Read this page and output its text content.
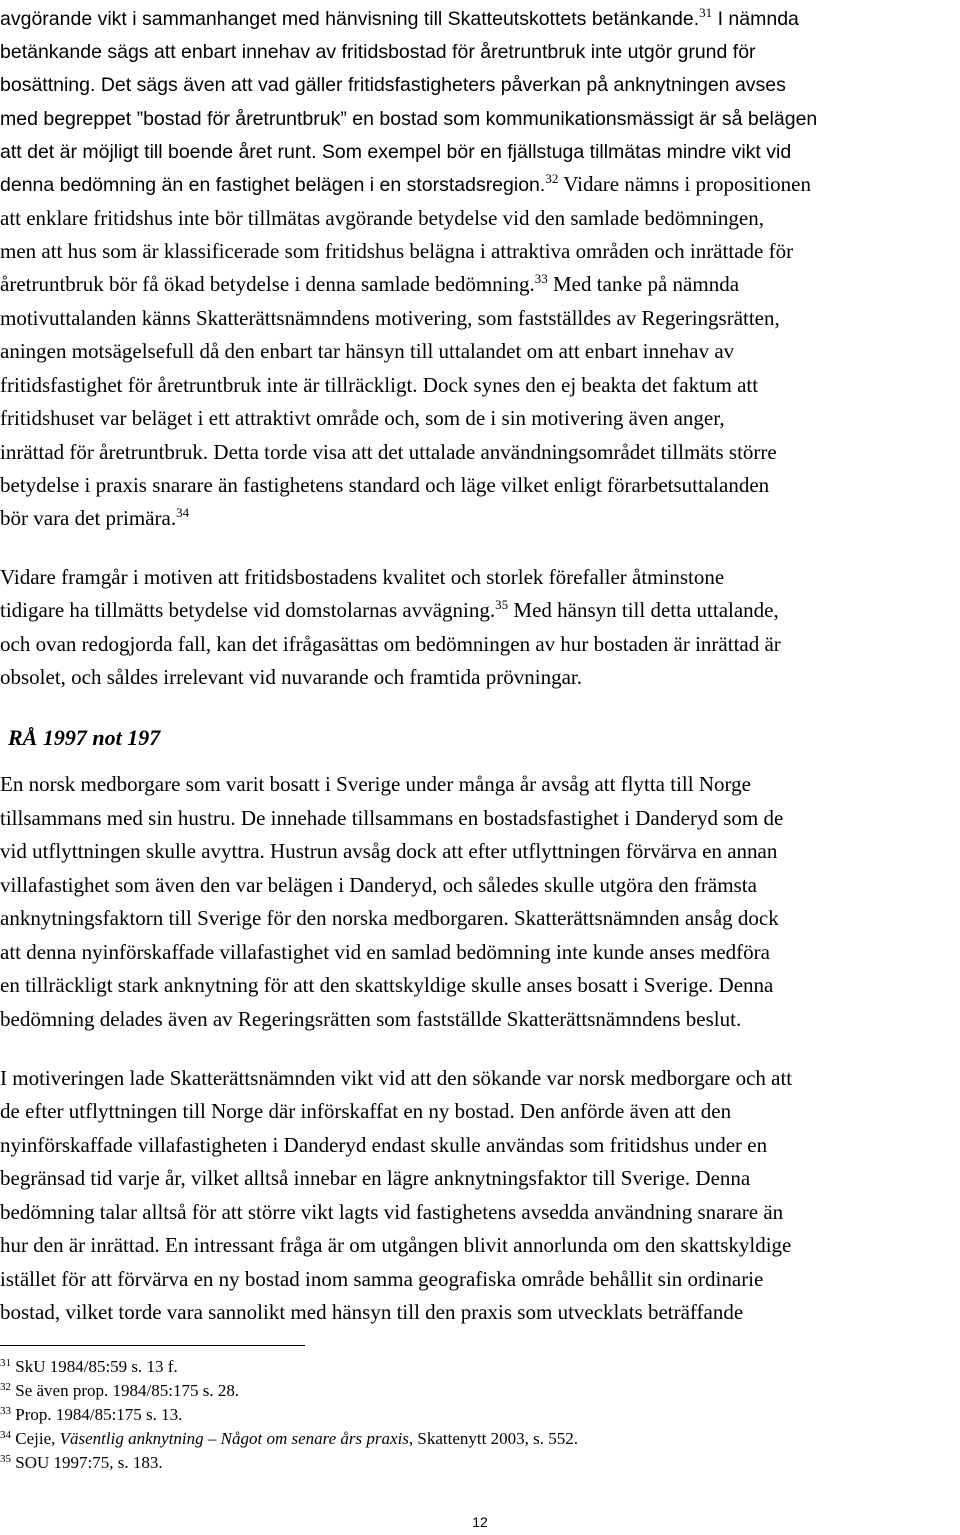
avgörande vikt i sammanhanget med hänvisning till Skatteutskottets betänkande.$^{31}$ I nämnda
betänkande sägs att enbart innehav av fritidsbostad för åretruntbruk inte utgör grund för
bosättning. Det sägs även att vad gäller fritidsfastigheters påverkan på anknytningen avses
med begreppet ”bostad för åretruntbruk” en bostad som kommunikationsmässigt är så belägen
att det är möjligt till boende året runt. Som exempel bör en fjällstuga tillmätas mindre vikt vid
denna bedömning än en fastighet belägen i en storstadsregion.$^{32}$ Vidare nämns i propositionen
att enklare fritidshus inte bör tillmätas avgörande betydelse vid den samlade bedömningen,
men att hus som är klassificerade som fritidshus belägna i attraktiva områden och inrättade för
åretruntbruk bör få ökad betydelse i denna samlade bedömning.$^{33}$ Med tanke på nämnda
motivuttalanden känns Skatterättsnämndens motivering, som fastställdes av Regeringsrätten,
aningen motsägelsefull då den enbart tar hänsyn till uttalandet om att enbart innehav av
fritidsfastighet för åretruntbruk inte är tillräckligt. Dock synes den ej beakta det faktum att
fritidshuset var beläget i ett attraktivt område och, som de i sin motivering även anger,
inrättad för åretruntbruk. Detta torde visa att det uttalade användningsområdet tillmäts större
betydelse i praxis snarare än fastighetens standard och läge vilket enligt förarbetsuttalanden
bör vara det primära.$^{34}$
Vidare framgår i motiven att fritidsbostadens kvalitet och storlek förefaller åtminstone
tidigare ha tillmätts betydelse vid domstolarnas avvägning.$^{35}$ Med hänsyn till detta uttalande,
och ovan redogjorda fall, kan det ifrågasättas om bedömningen av hur bostaden är inrättad är
obsolet, och såldes irrelevant vid nuvarande och framtida prövningar.
En norsk medborgare som varit bosatt i Sverige under många år avsåg att flytta till Norge
tillsammans med sin hustru. De innehade tillsammans en bostadsfastighet i Danderyd som de
vid utflyttningen skulle avyttra. Hustrun avsåg dock att efter utflyttningen förvärva en annan
villafastighet som även den var belägen i Danderyd, och således skulle utgöra den främsta
anknytningsfaktorn till Sverige för den norska medborgaren. Skatterättsnämnden ansåg dock
att denna nyinförskaffade villafastighet vid en samlad bedömning inte kunde anses medföra
en tillräckligt stark anknytning för att den skattskyldige skulle anses bosatt i Sverige. Denna
bedömning delades även av Regeringsrätten som fastställde Skatterättsnämndens beslut.
I motiveringen lade Skatterättsnämnden vikt vid att den sökande var norsk medborgare och att
de efter utflyttningen till Norge där införskaffat en ny bostad. Den anförde även att den
nyinförskaffade villafastigheten i Danderyd endast skulle användas som fritidshus under en
begränsad tid varje år, vilket alltså innebar en lägre anknytningsfaktor till Sverige. Denna
bedömning talar alltså för att större vikt lagts vid fastighetens avsedda användning snarare än
hur den är inrättad. En intressant fråga är om utgången blivit annorlunda om den skattskyldige
istället för att förvärva en ny bostad inom samma geografiska område behållit sin ordinarie
bostad, vilket torde vara sannolikt med hänsyn till den praxis som utvecklats beträffande
RÅ 1997 not 197
$^{31}$ SkU 1984/85:59 s. 13 f.
$^{32}$ Se även prop. 1984/85:175 s. 28.
$^{33}$ Prop. 1984/85:175 s. 13.
$^{34}$ Cejie, Väsentlig anknytning – Något om senare års praxis, Skattenytt 2003, s. 552.
$^{35}$ SOU 1997:75, s. 183.
12
